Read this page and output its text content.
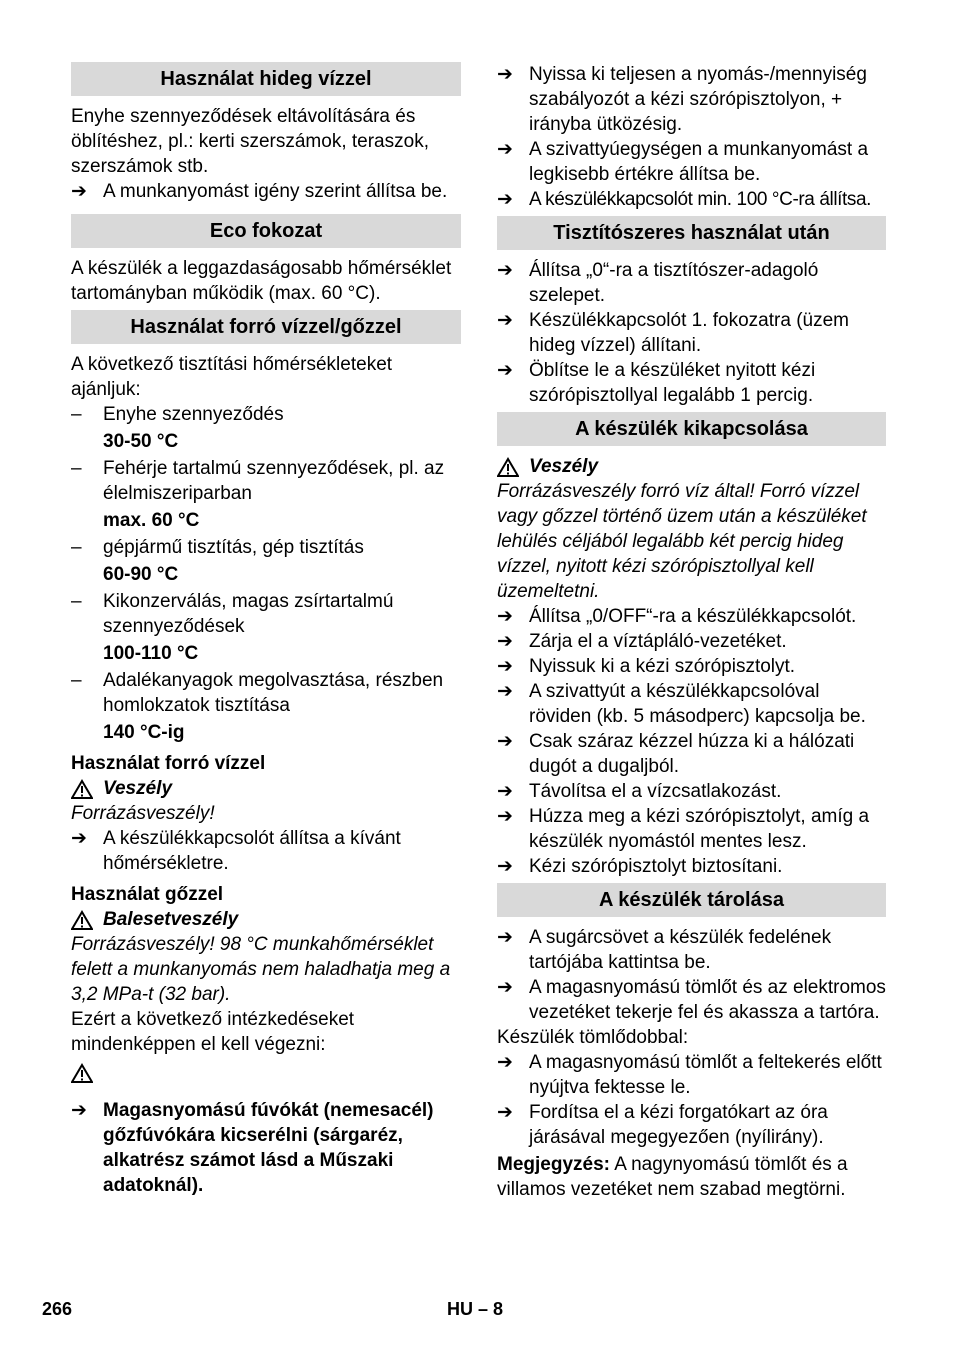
Használat hideg vízzel

Enyhe szennyeződések eltávolítására és öblítéshez, pl.: kerti szerszámok, teraszok, szerszámok stb.

➔ A munkanyomást igény szerint állítsa be.
Eco fokozat

A készülék a leggazdaságosabb hőmérséklet tartományban működik (max. 60 °C).

Használat forró vízzel/gőzzel

A következő tisztítási hőmérsékleteket ajánljuk:

– Enyhe szennyeződés
30-50 °C
– Fehérje tartalmú szennyeződések, pl. az élelmiszeriparban
max. 60 °C
– gépjármű tisztítás, gép tisztítás
60-90 °C
– Kikonzerválás, magas zsírtartalmú szennyeződések
100-110 °C
– Adalékanyagok megolvasztása, részben homlokzatok tisztítása
140 °C-ig
Használat forró vízzel
Veszély

Forrázásveszély!

➔ A készülékkapcsolót állítsa a kívánt hőmérsékletre.
Használat gőzzel
Balesetveszély

Forrázásveszély! 98 °C munkahőmérséklet felett a munkanyomás nem haladhatja meg a 3,2 MPa-t (32 bar).

Ezért a következő intézkedéseket mindenképpen el kell végezni:

➔ Magasnyomású fúvókát (nemesacél) gőzfúvókára kicserélni (sárgaréz, alkatrész számot lásd a Műszaki adatoknál).
➔ Nyissa ki teljesen a nyomás-/mennyiség szabályozót a kézi szórópisztolyon, + irányba ütközésig.
➔ A szivattyúegységen a munkanyomást a legkisebb értékre állítsa be.
➔ A készülékkapcsolót min. 100 °C-ra állítsa.
Tisztítószeres használat után
➔ Állítsa „0“-ra a tisztítószer-adagoló szelepet.
➔ Készülékkapcsolót 1. fokozatra (üzem hideg vízzel) állítani.
➔ Öblítse le a készüléket nyitott kézi szórópisztollyal legalább 1 percig.
A készülék kikapcsolása
Veszély

Forrázásveszély forró víz által! Forró vízzel vagy gőzzel történő üzem után a készüléket lehülés céljából legalább két percig hideg vízzel, nyitott kézi szórópisztollyal kell üzemeltetni.

➔ Állítsa „0/OFF“-ra a készülékkapcsolót.
➔ Zárja el a víztápláló-vezetéket.
➔ Nyissuk ki a kézi szórópisztolyt.
➔ A szivattyút a készülékkapcsolóval röviden (kb. 5 másodperc) kapcsolja be.
➔ Csak száraz kézzel húzza ki a hálózati dugót a dugaljból.
➔ Távolítsa el a vízcsatlakozást.
➔ Húzza meg a kézi szórópisztolyt, amíg a készülék nyomástól mentes lesz.
➔ Kézi szórópisztolyt biztosítani.
A készülék tárolása
➔ A sugárcsövet a készülék fedelének tartójába kattintsa be.
➔ A magasnyomású tömlőt és az elektromos vezetéket tekerje fel és akassza a tartóra.

Készülék tömlődobbal:

➔ A magasnyomású tömlőt a feltekerés előtt nyújtva fektesse le.
➔ Fordítsa el a kézi forgatókart az óra járásával megegyezően (nyílirány).

Megjegyzés: A nagynyomású tömlőt és a villamos vezetéket nem szabad megtörni.

266	HU – 8
